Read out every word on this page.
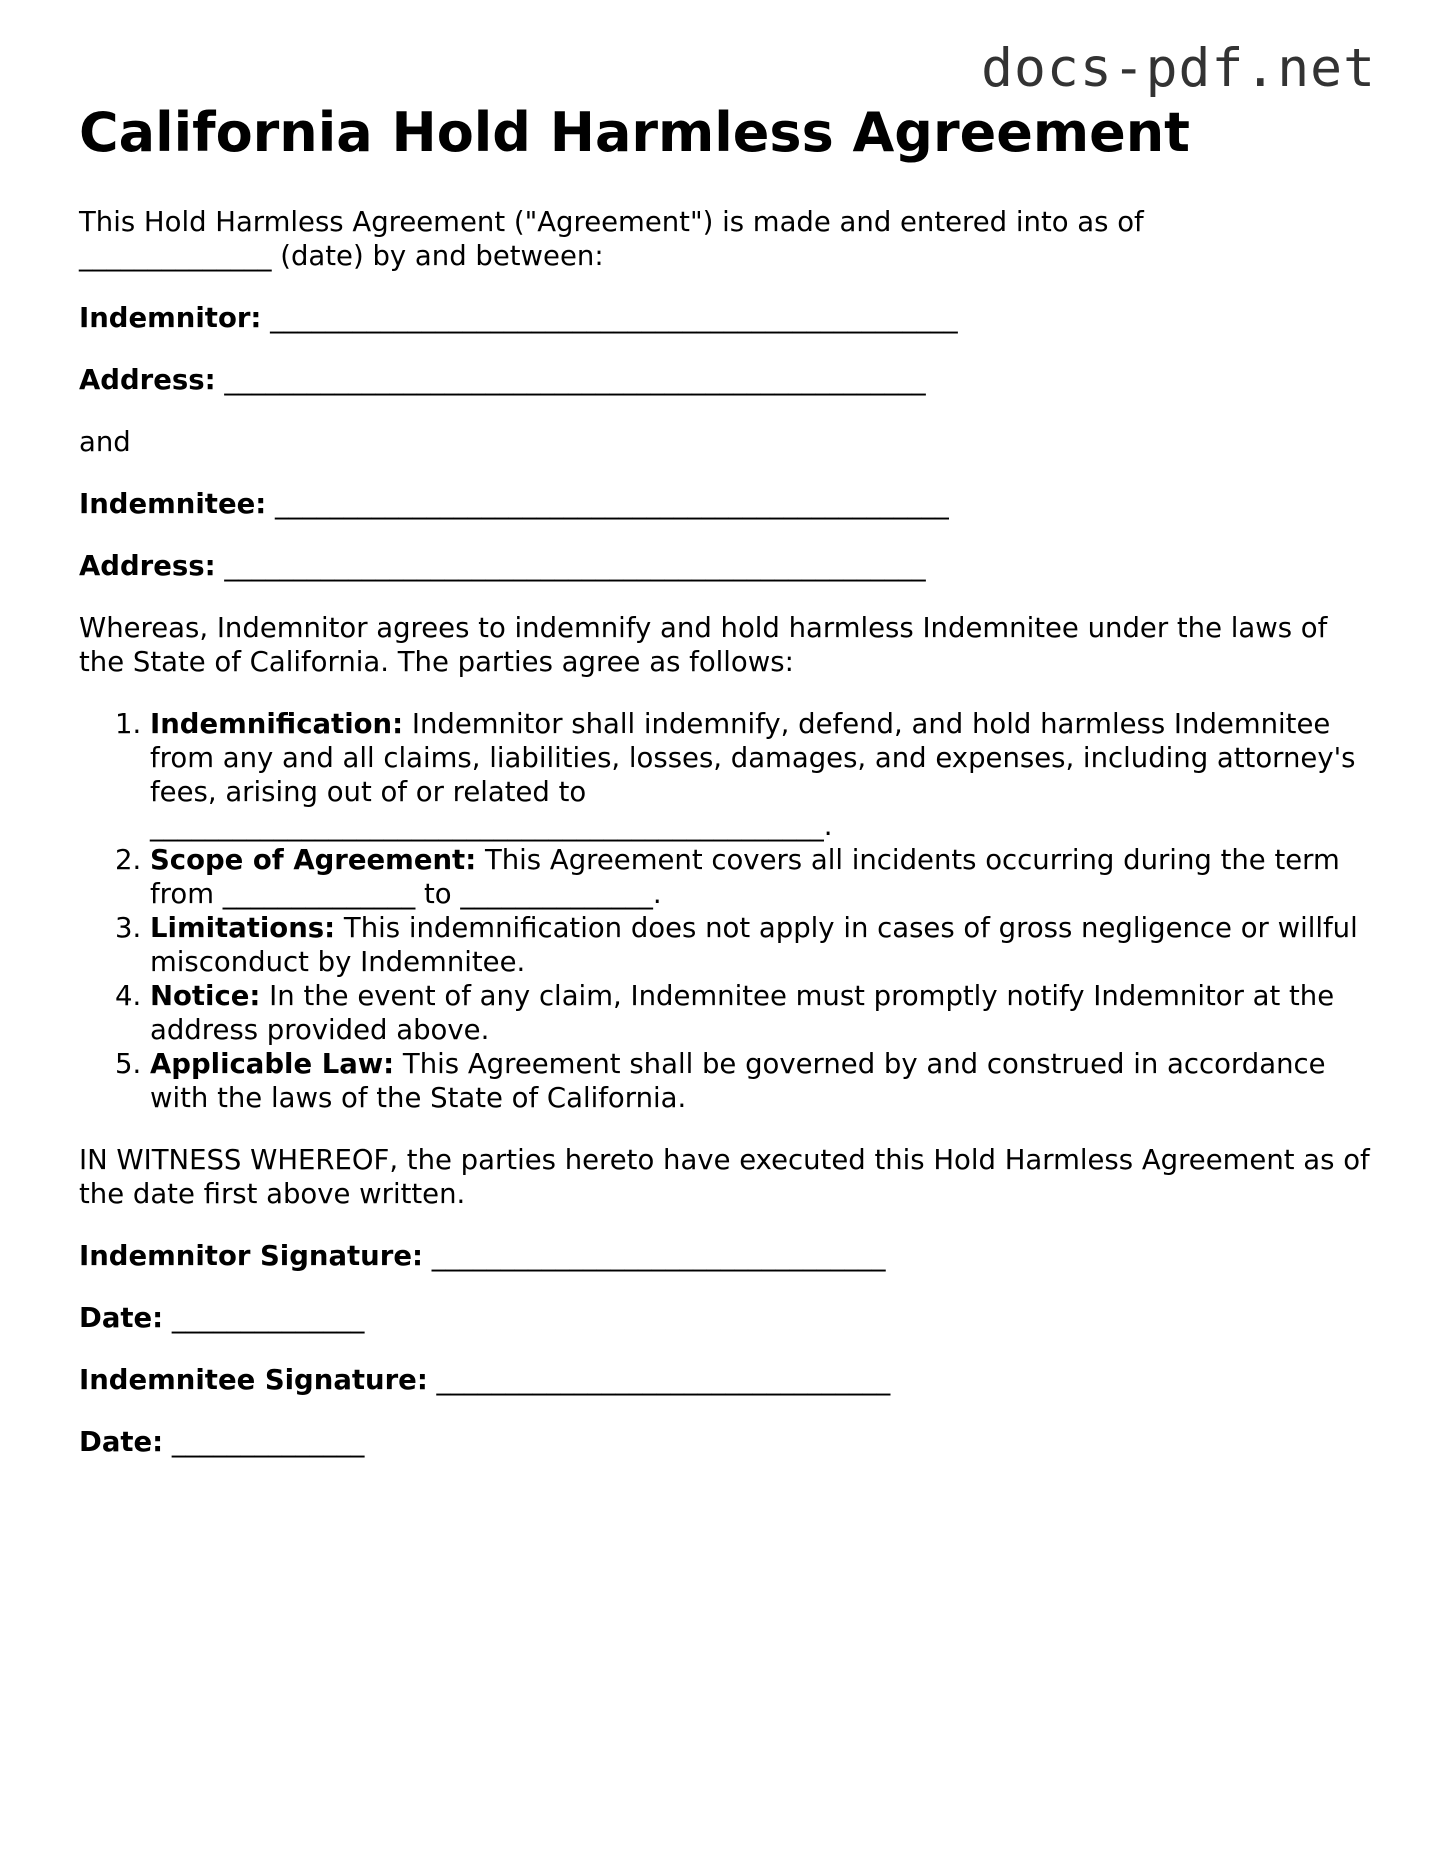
docs-pdf.net
California Hold Harmless Agreement

This Hold Harmless Agreement ("Agreement") is made and entered into as of
______________ (date) by and between:

Indemnitor: __________________________________________________

Address: ___________________________________________________

and

Indemnitee: _________________________________________________

Address: ___________________________________________________

Whereas, Indemnitor agrees to indemnify and hold harmless Indemnitee under the laws of the State of California. The parties agree as follows:

1. Indemnification: Indemnitor shall indemnify, defend, and hold harmless Indemnitee from any and all claims, liabilities, losses, damages, and expenses, including attorney's fees, arising out of or related to
_________________________________________________.
2. Scope of Agreement: This Agreement covers all incidents occurring during the term from ______________ to ______________.
3. Limitations: This indemnification does not apply in cases of gross negligence or willful misconduct by Indemnitee.
4. Notice: In the event of any claim, Indemnitee must promptly notify Indemnitor at the address provided above.
5. Applicable Law: This Agreement shall be governed by and construed in accordance with the laws of the State of California.

IN WITNESS WHEREOF, the parties hereto have executed this Hold Harmless Agreement as of the date first above written.

Indemnitor Signature: _________________________________

Date: ______________

Indemnitee Signature: _________________________________

Date: ______________
